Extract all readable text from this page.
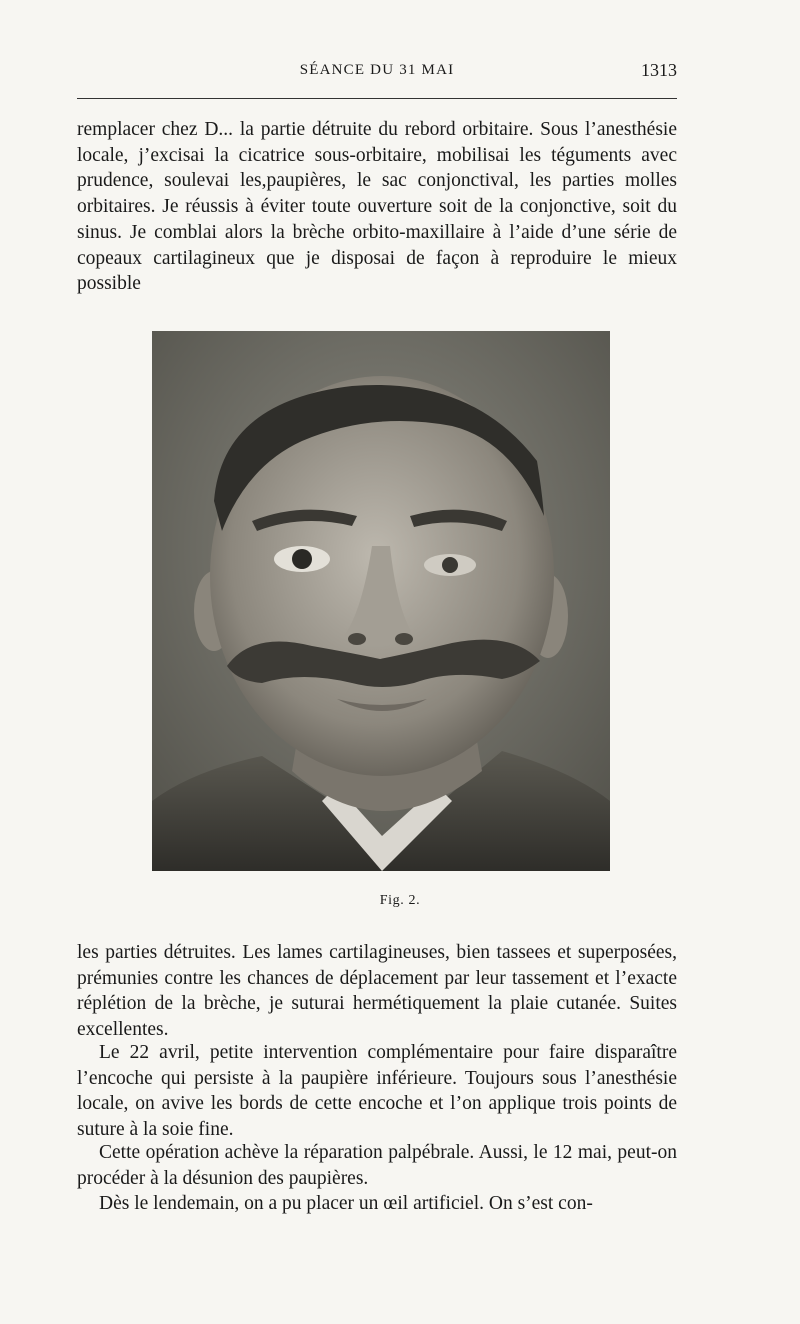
SÉANCE DU 31 MAI	1313

remplacer chez D... la partie détruite du rebord orbitaire. Sous l’anesthésie locale, j’excisai la cicatrice sous-orbitaire, mobilisai les téguments avec prudence, soulevai les,paupières, le sac conjonctival, les parties molles orbitaires. Je réussis à éviter toute ouverture soit de la conjonctive, soit du sinus. Je comblai alors la brèche orbito-maxillaire à l’aide d’une série de copeaux cartilagineux que je disposai de façon à reproduire le mieux possible

Fig. 2.

les parties détruites. Les lames cartilagineuses, bien tassees et superposées, prémunies contre les chances de déplacement par leur tassement et l’exacte réplétion de la brèche, je suturai hermétiquement la plaie cutanée. Suites excellentes.

Le 22 avril, petite intervention complémentaire pour faire disparaître l’encoche qui persiste à la paupière inférieure. Toujours sous l’anesthésie locale, on avive les bords de cette encoche et l’on applique trois points de suture à la soie fine.

Cette opération achève la réparation palpébrale. Aussi, le 12 mai, peut-on procéder à la désunion des paupières.

Dès le lendemain, on a pu placer un œil artificiel. On s’est con-
